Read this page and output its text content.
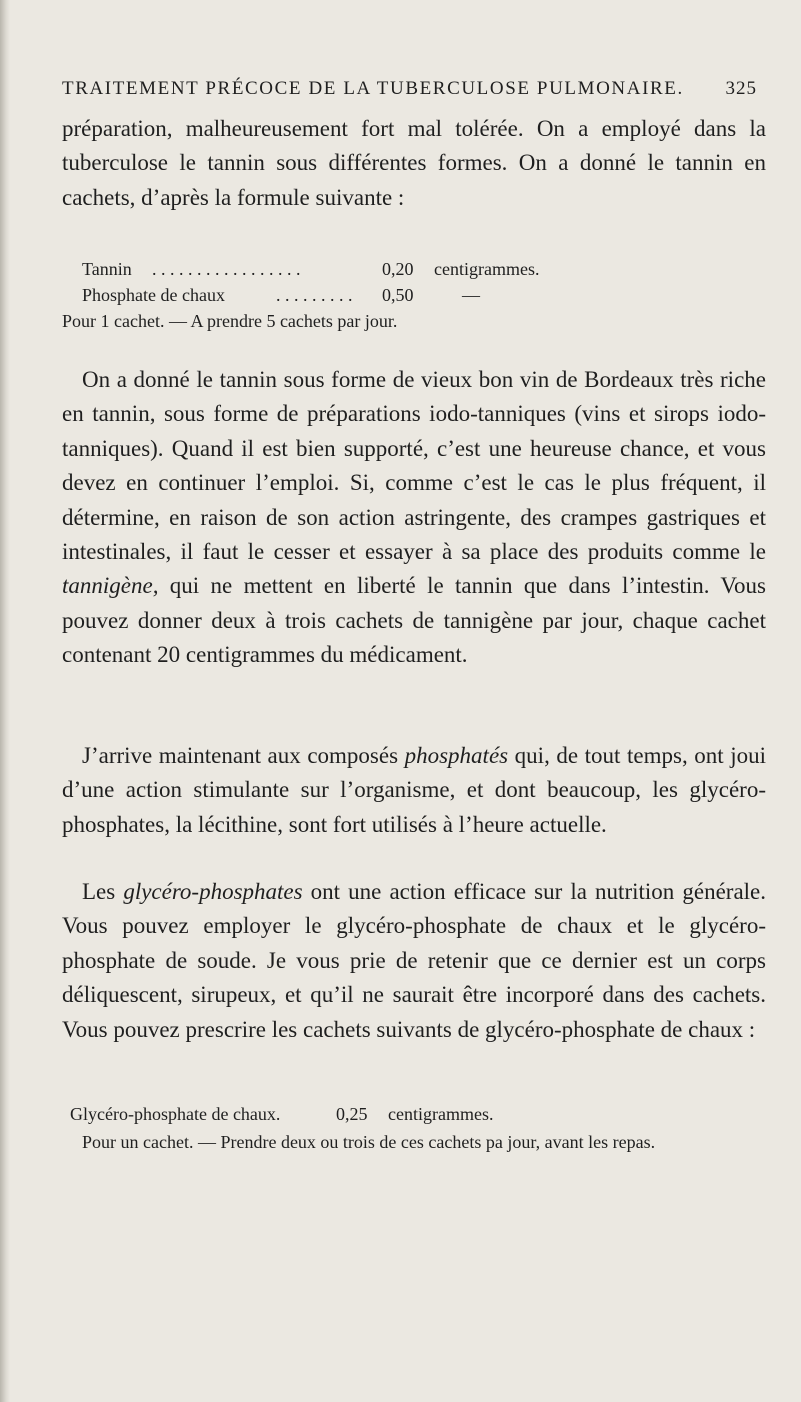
TRAITEMENT PRÉCOCE DE LA TUBERCULOSE PULMONAIRE. 325

préparation, malheureusement fort mal tolérée. On a employé dans la tuberculose le tannin sous différentes formes. On a donné le tannin en cachets, d’après la formule suivante :

Tannin . . . . . . . . . . . . . . . . .	0,20 centigrammes.
Phosphate de chaux	. . . . . . . . . 0,50	—
Pour 1 cachet. — A prendre 5 cachets par jour.

On a donné le tannin sous forme de vieux bon vin de Bordeaux très riche en tannin, sous forme de préparations iodo-tanniques (vins et sirops iodo-tanniques). Quand il est bien supporté, c’est une heureuse chance, et vous devez en continuer l’emploi. Si, comme c’est le cas le plus fréquent, il détermine, en raison de son action astringente, des crampes gastriques et intestinales, il faut le cesser et essayer à sa place des produits comme le tannigène, qui ne mettent en liberté le tannin que dans l’intestin. Vous pouvez donner deux à trois cachets de tannigène par jour, chaque cachet contenant 20 centigrammes du médicament.

J’arrive maintenant aux composés phosphatés qui, de tout temps, ont joui d’une action stimulante sur l’organisme, et dont beaucoup, les glycéro-phosphates, la lécithine, sont fort utilisés à l’heure actuelle.

Les glycéro-phosphates ont une action efficace sur la nutrition générale. Vous pouvez employer le glycéro-phosphate de chaux et le glycéro-phosphate de soude. Je vous prie de retenir que ce dernier est un corps déliquescent, sirupeux, et qu’il ne saurait être incorporé dans des cachets. Vous pouvez prescrire les cachets suivants de glycéro-phosphate de chaux :

Glycéro-phosphate de chaux.	0,25 centigrammes.
Pour un cachet. — Prendre deux ou trois de ces cachets pa jour, avant les repas.
